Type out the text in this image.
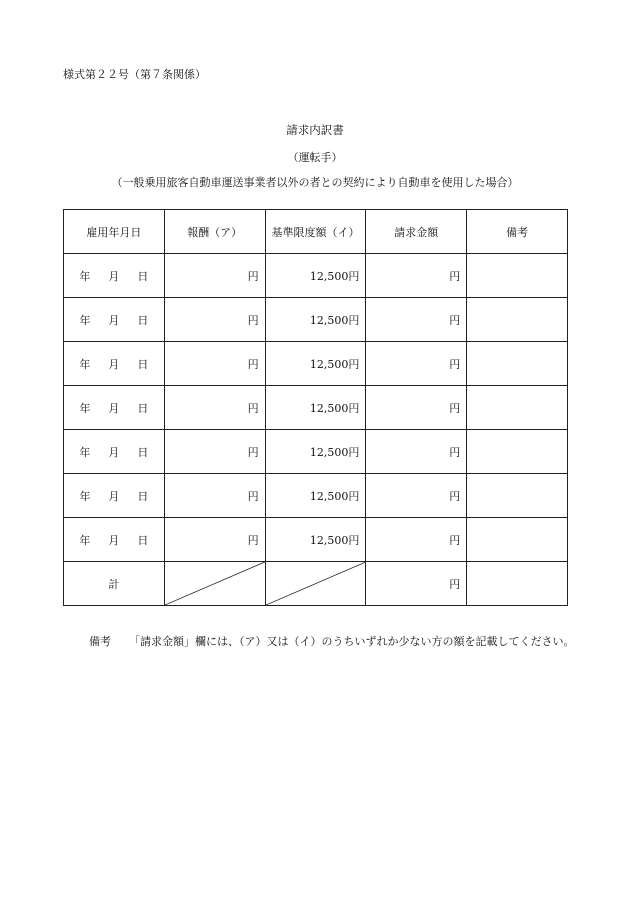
様式第２２号（第７条関係）
請求内訳書
（運転手）
（一般乗用旅客自動車運送事業者以外の者との契約により自動車を使用した場合）
雇用年月日	報酬（ア）	基準限度額（イ）	請求金額	備考
年 月 日	円	12,500円	円	
年 月 日	円	12,500円	円	
年 月 日	円	12,500円	円	
年 月 日	円	12,500円	円	
年 月 日	円	12,500円	円	
年 月 日	円	12,500円	円	
年 月 日	円	12,500円	円	
計			円	
備考 「請求金額」欄には、（ア）又は（イ）のうちいずれか少ない方の額を記載してください。
